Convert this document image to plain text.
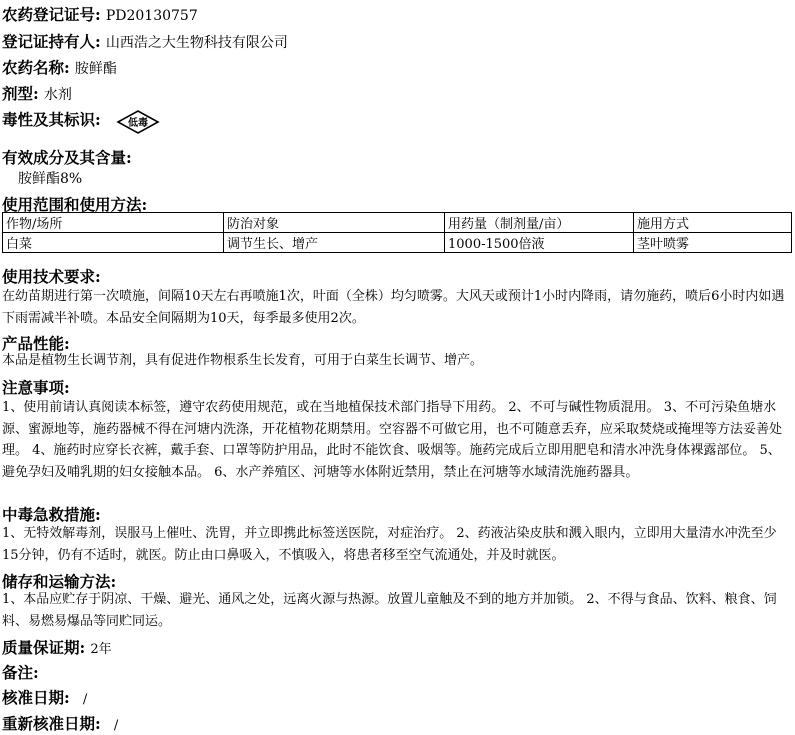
农药登记证号: PD20130757
登记证持有人: 山西浩之大生物科技有限公司
农药名称: 胺鲜酯
剂型: 水剂
毒性及其标识:	低毒
有效成分及其含量:
胺鲜酯8%
使用范围和使用方法:
作物/场所	防治对象	用药量（制剂量/亩）	施用方式
白菜	调节生长、增产	1000-1500倍液	茎叶喷雾
使用技术要求:
在幼苗期进行第一次喷施，间隔10天左右再喷施1次，叶面（全株）均匀喷雾。大风天或预计1小时内降雨，请勿施药，喷后6小时内如遇下雨需减半补喷。本品安全间隔期为10天，每季最多使用2次。
产品性能:
本品是植物生长调节剂，具有促进作物根系生长发育，可用于白菜生长调节、增产。
注意事项:
1、使用前请认真阅读本标签，遵守农药使用规范，或在当地植保技术部门指导下用药。 2、不可与碱性物质混用。 3、不可污染鱼塘水源、蜜源地等，施药器械不得在河塘内洗涤，开花植物花期禁用。空容器不可做它用，也不可随意丢弃，应采取焚烧或掩埋等方法妥善处理。 4、施药时应穿长衣裤，戴手套、口罩等防护用品，此时不能饮食、吸烟等。施药完成后立即用肥皂和清水冲洗身体裸露部位。 5、避免孕妇及哺乳期的妇女接触本品。 6、水产养殖区、河塘等水体附近禁用，禁止在河塘等水域清洗施药器具。
中毒急救措施:
1、无特效解毒剂，误服马上催吐、洗胃，并立即携此标签送医院，对症治疗。 2、药液沾染皮肤和溅入眼内，立即用大量清水冲洗至少15分钟，仍有不适时，就医。防止由口鼻吸入，不慎吸入，将患者移至空气流通处，并及时就医。
储存和运输方法:
1、本品应贮存于阴凉、干燥、避光、通风之处，远离火源与热源。放置儿童触及不到的地方并加锁。 2、不得与食品、饮料、粮食、饲料、易燃易爆品等同贮同运。
质量保证期: 2年
备注:
核准日期: /
重新核准日期: /
